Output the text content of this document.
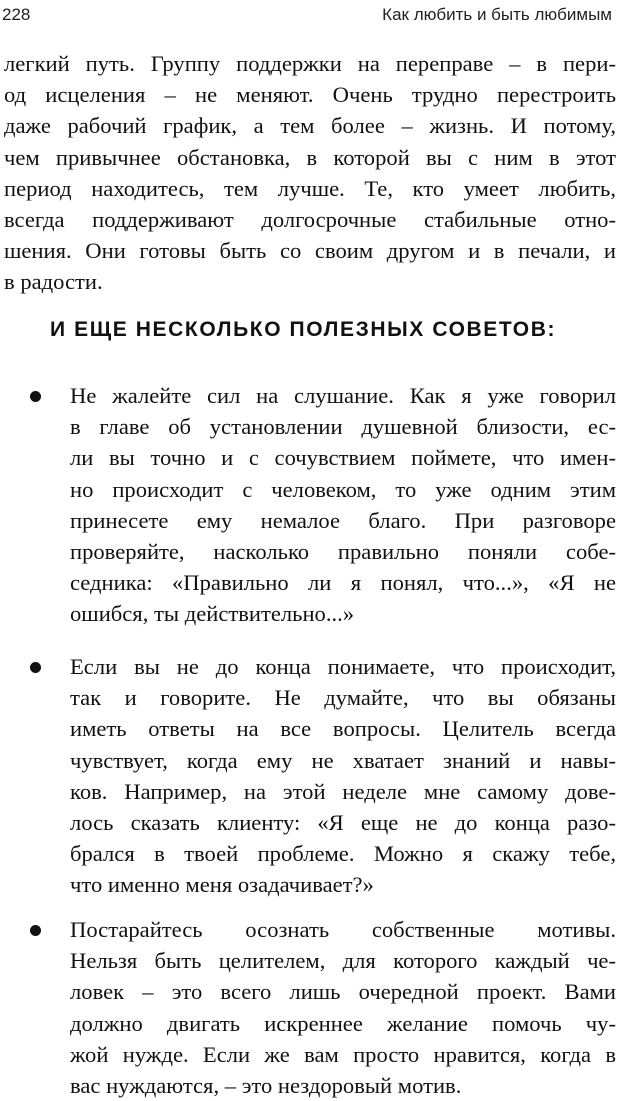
228	Как любить и быть любимым
легкий путь. Группу поддержки на переправе – в пери-
од исцеления – не меняют. Очень трудно перестроить
даже рабочий график, а тем более – жизнь. И потому,
чем привычнее обстановка, в которой вы с ним в этот
период находитесь, тем лучше. Те, кто умеет любить,
всегда поддерживают долгосрочные стабильные отно-
шения. Они готовы быть со своим другом и в печали, и
в радости.
И ЕЩЕ НЕСКОЛЬКО ПОЛЕЗНЫХ СОВЕТОВ:
Не жалейте сил на слушание. Как я уже говорил
в главе об установлении душевной близости, ес-
ли вы точно и с сочувствием поймете, что имен-
но происходит с человеком, то уже одним этим
принесете ему немалое благо. При разговоре
проверяйте, насколько правильно поняли собе-
седника: «Правильно ли я понял, что...», «Я не
ошибся, ты действительно...»
Если вы не до конца понимаете, что происходит,
так и говорите. Не думайте, что вы обязаны
иметь ответы на все вопросы. Целитель всегда
чувствует, когда ему не хватает знаний и навы-
ков. Например, на этой неделе мне самому дове-
лось сказать клиенту: «Я еще не до конца разо-
брался в твоей проблеме. Можно я скажу тебе,
что именно меня озадачивает?»
Постарайтесь осознать собственные мотивы.
Нельзя быть целителем, для которого каждый че-
ловек – это всего лишь очередной проект. Вами
должно двигать искреннее желание помочь чу-
жой нужде. Если же вам просто нравится, когда в
вас нуждаются, – это нездоровый мотив.
